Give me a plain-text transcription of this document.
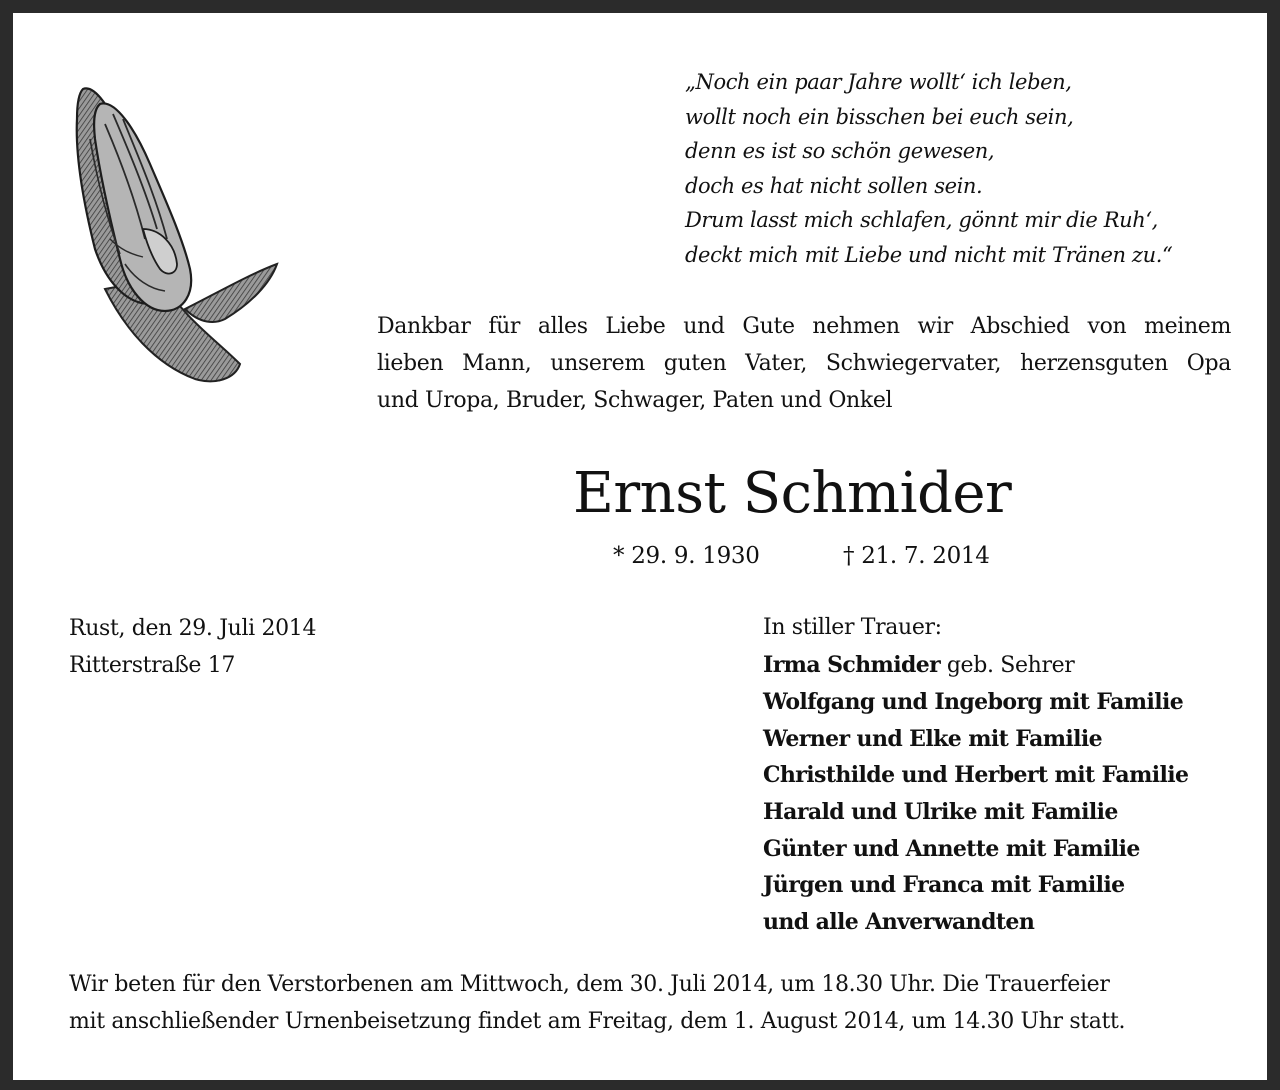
„Noch ein paar Jahre wollt‘ ich leben,
wollt noch ein bisschen bei euch sein,
denn es ist so schön gewesen,
doch es hat nicht sollen sein.
Drum lasst mich schlafen, gönnt mir die Ruh‘,
deckt mich mit Liebe und nicht mit Tränen zu.“
Dankbar für alles Liebe und Gute nehmen wir Abschied von meinem
lieben Mann, unserem guten Vater, Schwiegervater, herzensguten Opa
und Uropa, Bruder, Schwager, Paten und Onkel
Ernst Schmider
* 29. 9. 1930	† 21. 7. 2014
Rust, den 29. Juli 2014
Ritterstraße 17
In stiller Trauer:
Irma Schmider geb. Sehrer
Wolfgang und Ingeborg mit Familie
Werner und Elke mit Familie
Christhilde und Herbert mit Familie
Harald und Ulrike mit Familie
Günter und Annette mit Familie
Jürgen und Franca mit Familie
und alle Anverwandten
Wir beten für den Verstorbenen am Mittwoch, dem 30. Juli 2014, um 18.30 Uhr. Die Trauerfeier
mit anschließender Urnenbeisetzung findet am Freitag, dem 1. August 2014, um 14.30 Uhr statt.
